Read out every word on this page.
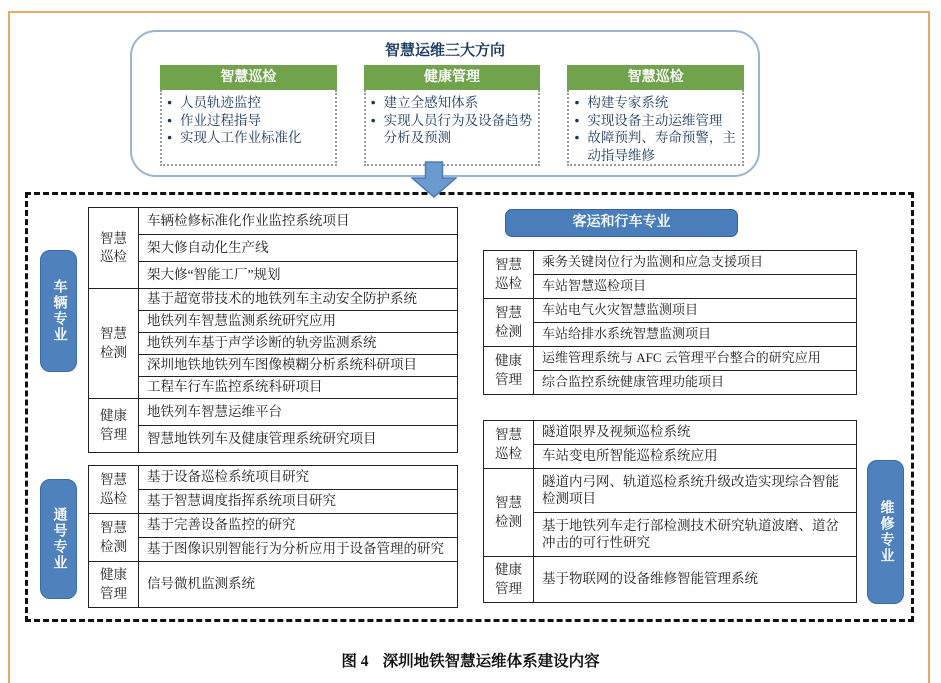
智慧运维三大方向
智慧巡检
● 人员轨迹监控
● 作业过程指导
● 实现人工作业标准化
健康管理
● 建立全感知体系
● 实现人员行为及设备趋势分析及预测
智慧巡检
● 构建专家系统
● 实现设备主动运维管理
● 故障预判、寿命预警，主动指导维修
车辆专业
通号专业	维修专业
客运和行车专业
智慧巡检	车辆检修标准化作业监控系统项目
	架大修自动化生产线
	架大修“智能工厂”规划
智慧检测	基于超宽带技术的地铁列车主动安全防护系统
	地铁列车智慧监测系统研究应用
	地铁列车基于声学诊断的轨旁监测系统
	深圳地铁地铁列车图像模糊分析系统科研项目
	工程车行车监控系统科研项目
健康管理	地铁列车智慧运维平台
	智慧地铁列车及健康管理系统研究项目
智慧巡检	基于设备巡检系统项目研究
	基于智慧调度指挥系统项目研究
智慧检测	基于完善设备监控的研究
	基于图像识别智能行为分析应用于设备管理的研究
健康管理	信号微机监测系统
智慧巡检	乘务关键岗位行为监测和应急支援项目
	车站智慧巡检项目
智慧检测	车站电气火灾智慧监测项目
	车站给排水系统智慧监测项目
健康管理	运维管理系统与 AFC 云管理平台整合的研究应用
	综合监控系统健康管理功能项目
智慧巡检	隧道限界及视频巡检系统
	车站变电所智能巡检系统应用
智慧检测	隧道内弓网、轨道巡检系统升级改造实现综合智能检测项目
	基于地铁列车走行部检测技术研究轨道波磨、道岔冲击的可行性研究
健康管理	基于物联网的设备维修智能管理系统
图 4 深圳地铁智慧运维体系建设内容
